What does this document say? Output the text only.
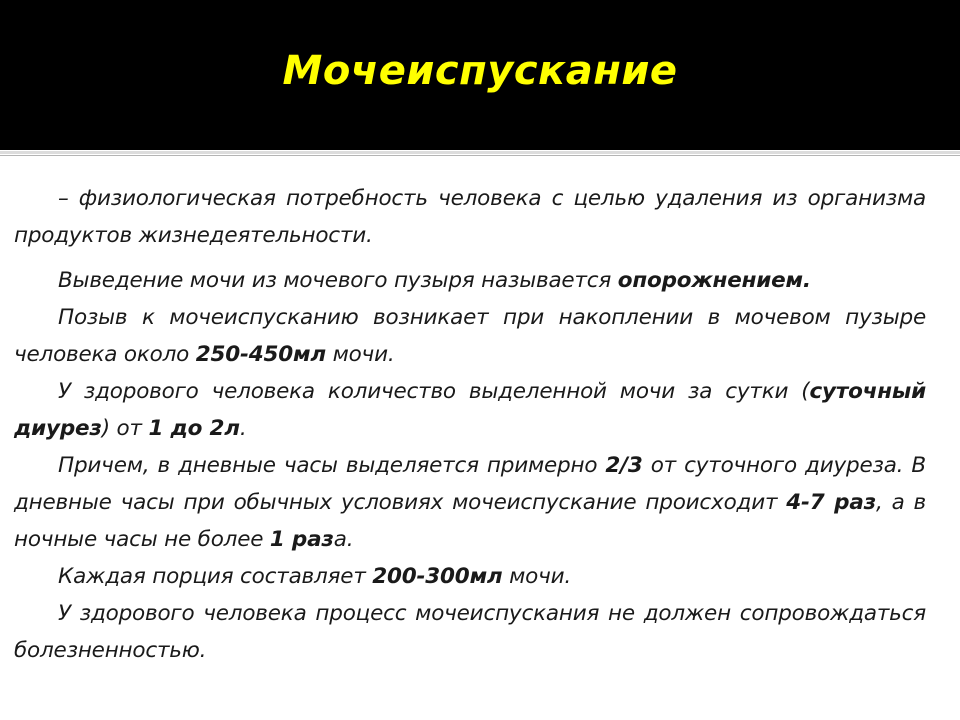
Мочеиспускание

– физиологическая потребность человека с целью удаления из организма продуктов жизнедеятельности.

Выведение мочи из мочевого пузыря называется опорожнением.

Позыв к мочеиспусканию возникает при накоплении в мочевом пузыре человека около 250-450мл мочи.

У здорового человека количество выделенной мочи за сутки (суточный диурез) от 1 до 2л.

Причем, в дневные часы выделяется примерно 2/3 от суточного диуреза. В дневные часы при обычных условиях мочеиспускание происходит 4-7 раз, а в ночные часы не более 1 раза.

Каждая порция составляет 200-300мл мочи.

У здорового человека процесс мочеиспускания не должен сопровождаться болезненностью.
